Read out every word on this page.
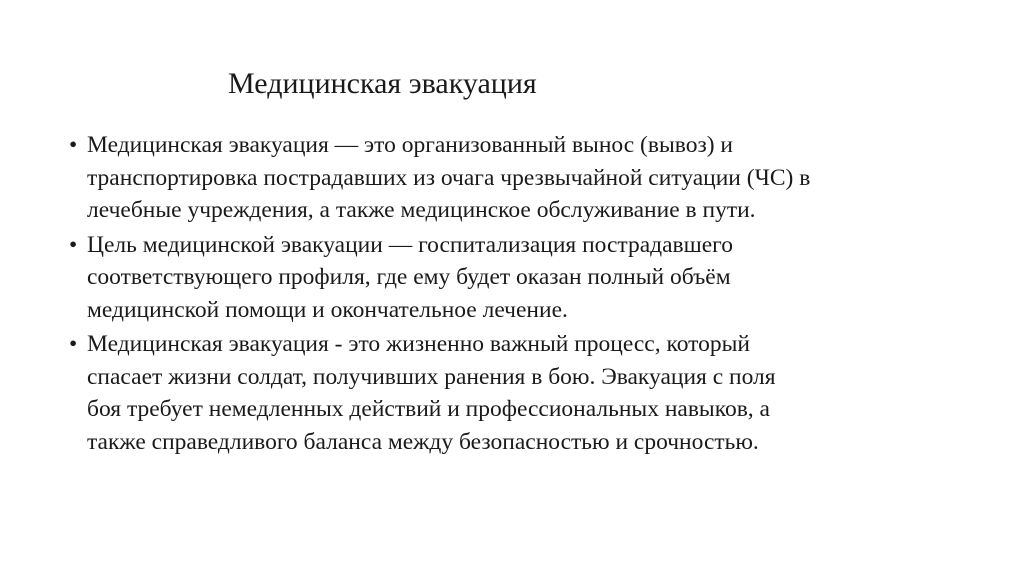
Медицинская эвакуация
• Медицинская эвакуация — это организованный вынос (вывоз) и
транспортировка пострадавших из очага чрезвычайной ситуации (ЧС) в
лечебные учреждения, а также медицинское обслуживание в пути.
• Цель медицинской эвакуации — госпитализация пострадавшего
соответствующего профиля, где ему будет оказан полный объём
медицинской помощи и окончательное лечение.
• Медицинская эвакуация - это жизненно важный процесс, который
спасает жизни солдат, получивших ранения в бою. Эвакуация с поля
боя требует немедленных действий и профессиональных навыков, а
также справедливого баланса между безопасностью и срочностью.
